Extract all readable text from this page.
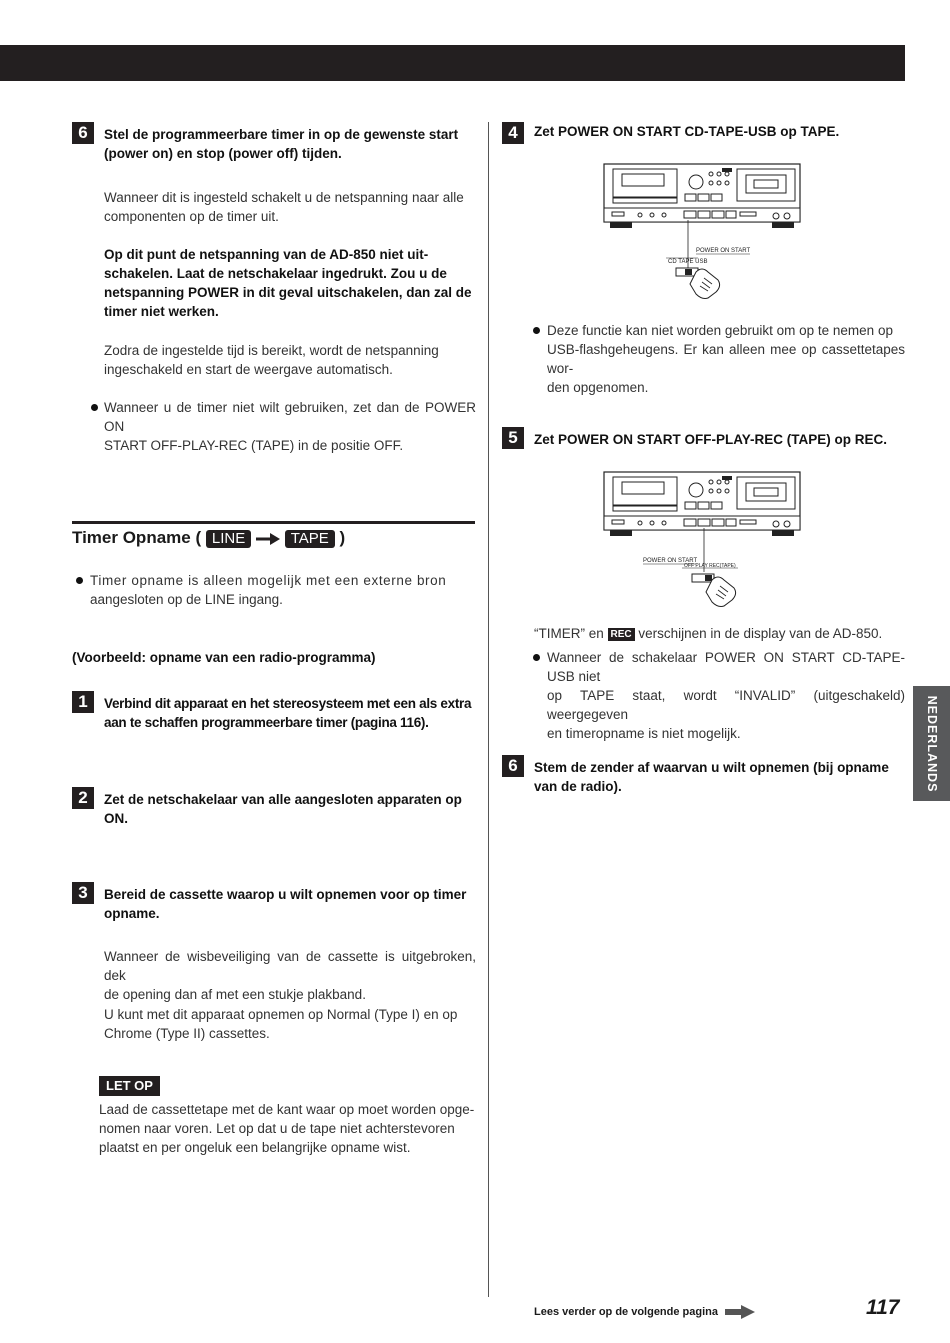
6	Stel de programmeerbare timer in op de gewenste start
(power on) en stop (power off) tijden.
Wanneer dit is ingesteld schakelt u de netspanning naar alle
componenten op de timer uit.
Op dit punt de netspanning van de AD-850 niet uit-
schakelen. Laat de netschakelaar ingedrukt. Zou u de
netspanning POWER in dit geval uitschakelen, dan zal de
timer niet werken.
Zodra de ingestelde tijd is bereikt, wordt de netspanning
ingeschakeld en start de weergave automatisch.
Wanneer u de timer niet wilt gebruiken, zet dan de POWER ON
START OFF-PLAY-REC (TAPE) in de positie OFF.
Timer Opname ( LINE	TAPE )
Timer opname is alleen mogelijk met een externe bron
aangesloten op de LINE ingang.
(Voorbeeld: opname van een radio-programma)
1	Verbind dit apparaat en het stereosysteem met een als extra
aan te schaffen programmeerbare timer (pagina 116).
2	Zet de netschakelaar van alle aangesloten apparaten op
ON.
3	Bereid de cassette waarop u wilt opnemen voor op timer
opname.
Wanneer de wisbeveiliging van de cassette is uitgebroken, dek
de opening dan af met een stukje plakband.
U kunt met dit apparaat opnemen op Normal (Type I) en op
Chrome (Type II) cassettes.
LET OP
Laad de cassettetape met de kant waar op moet worden opge-
nomen naar voren. Let op dat u de tape niet achterstevoren
plaatst en per ongeluk een belangrijke opname wist.
4	Zet POWER ON START CD-TAPE-USB op TAPE.
POWER ON START
CD TAPE USB
Deze functie kan niet worden gebruikt om op te nemen op
USB-flashgeheugens. Er kan alleen mee op cassettetapes wor-
den opgenomen.
5	Zet POWER ON START OFF-PLAY-REC (TAPE) op REC.
POWER ON START
OFF PLAY REC(TAPE)
“TIMER” en REC verschijnen in de display van de AD-850.
Wanneer de schakelaar POWER ON START CD-TAPE-USB niet
op TAPE staat, wordt “INVALID” (uitgeschakeld) weergegeven
en timeropname is niet mogelijk.
6	Stem de zender af waarvan u wilt opnemen (bij opname
van de radio).	NEDERLANDS
Lees verder op de volgende pagina	117
